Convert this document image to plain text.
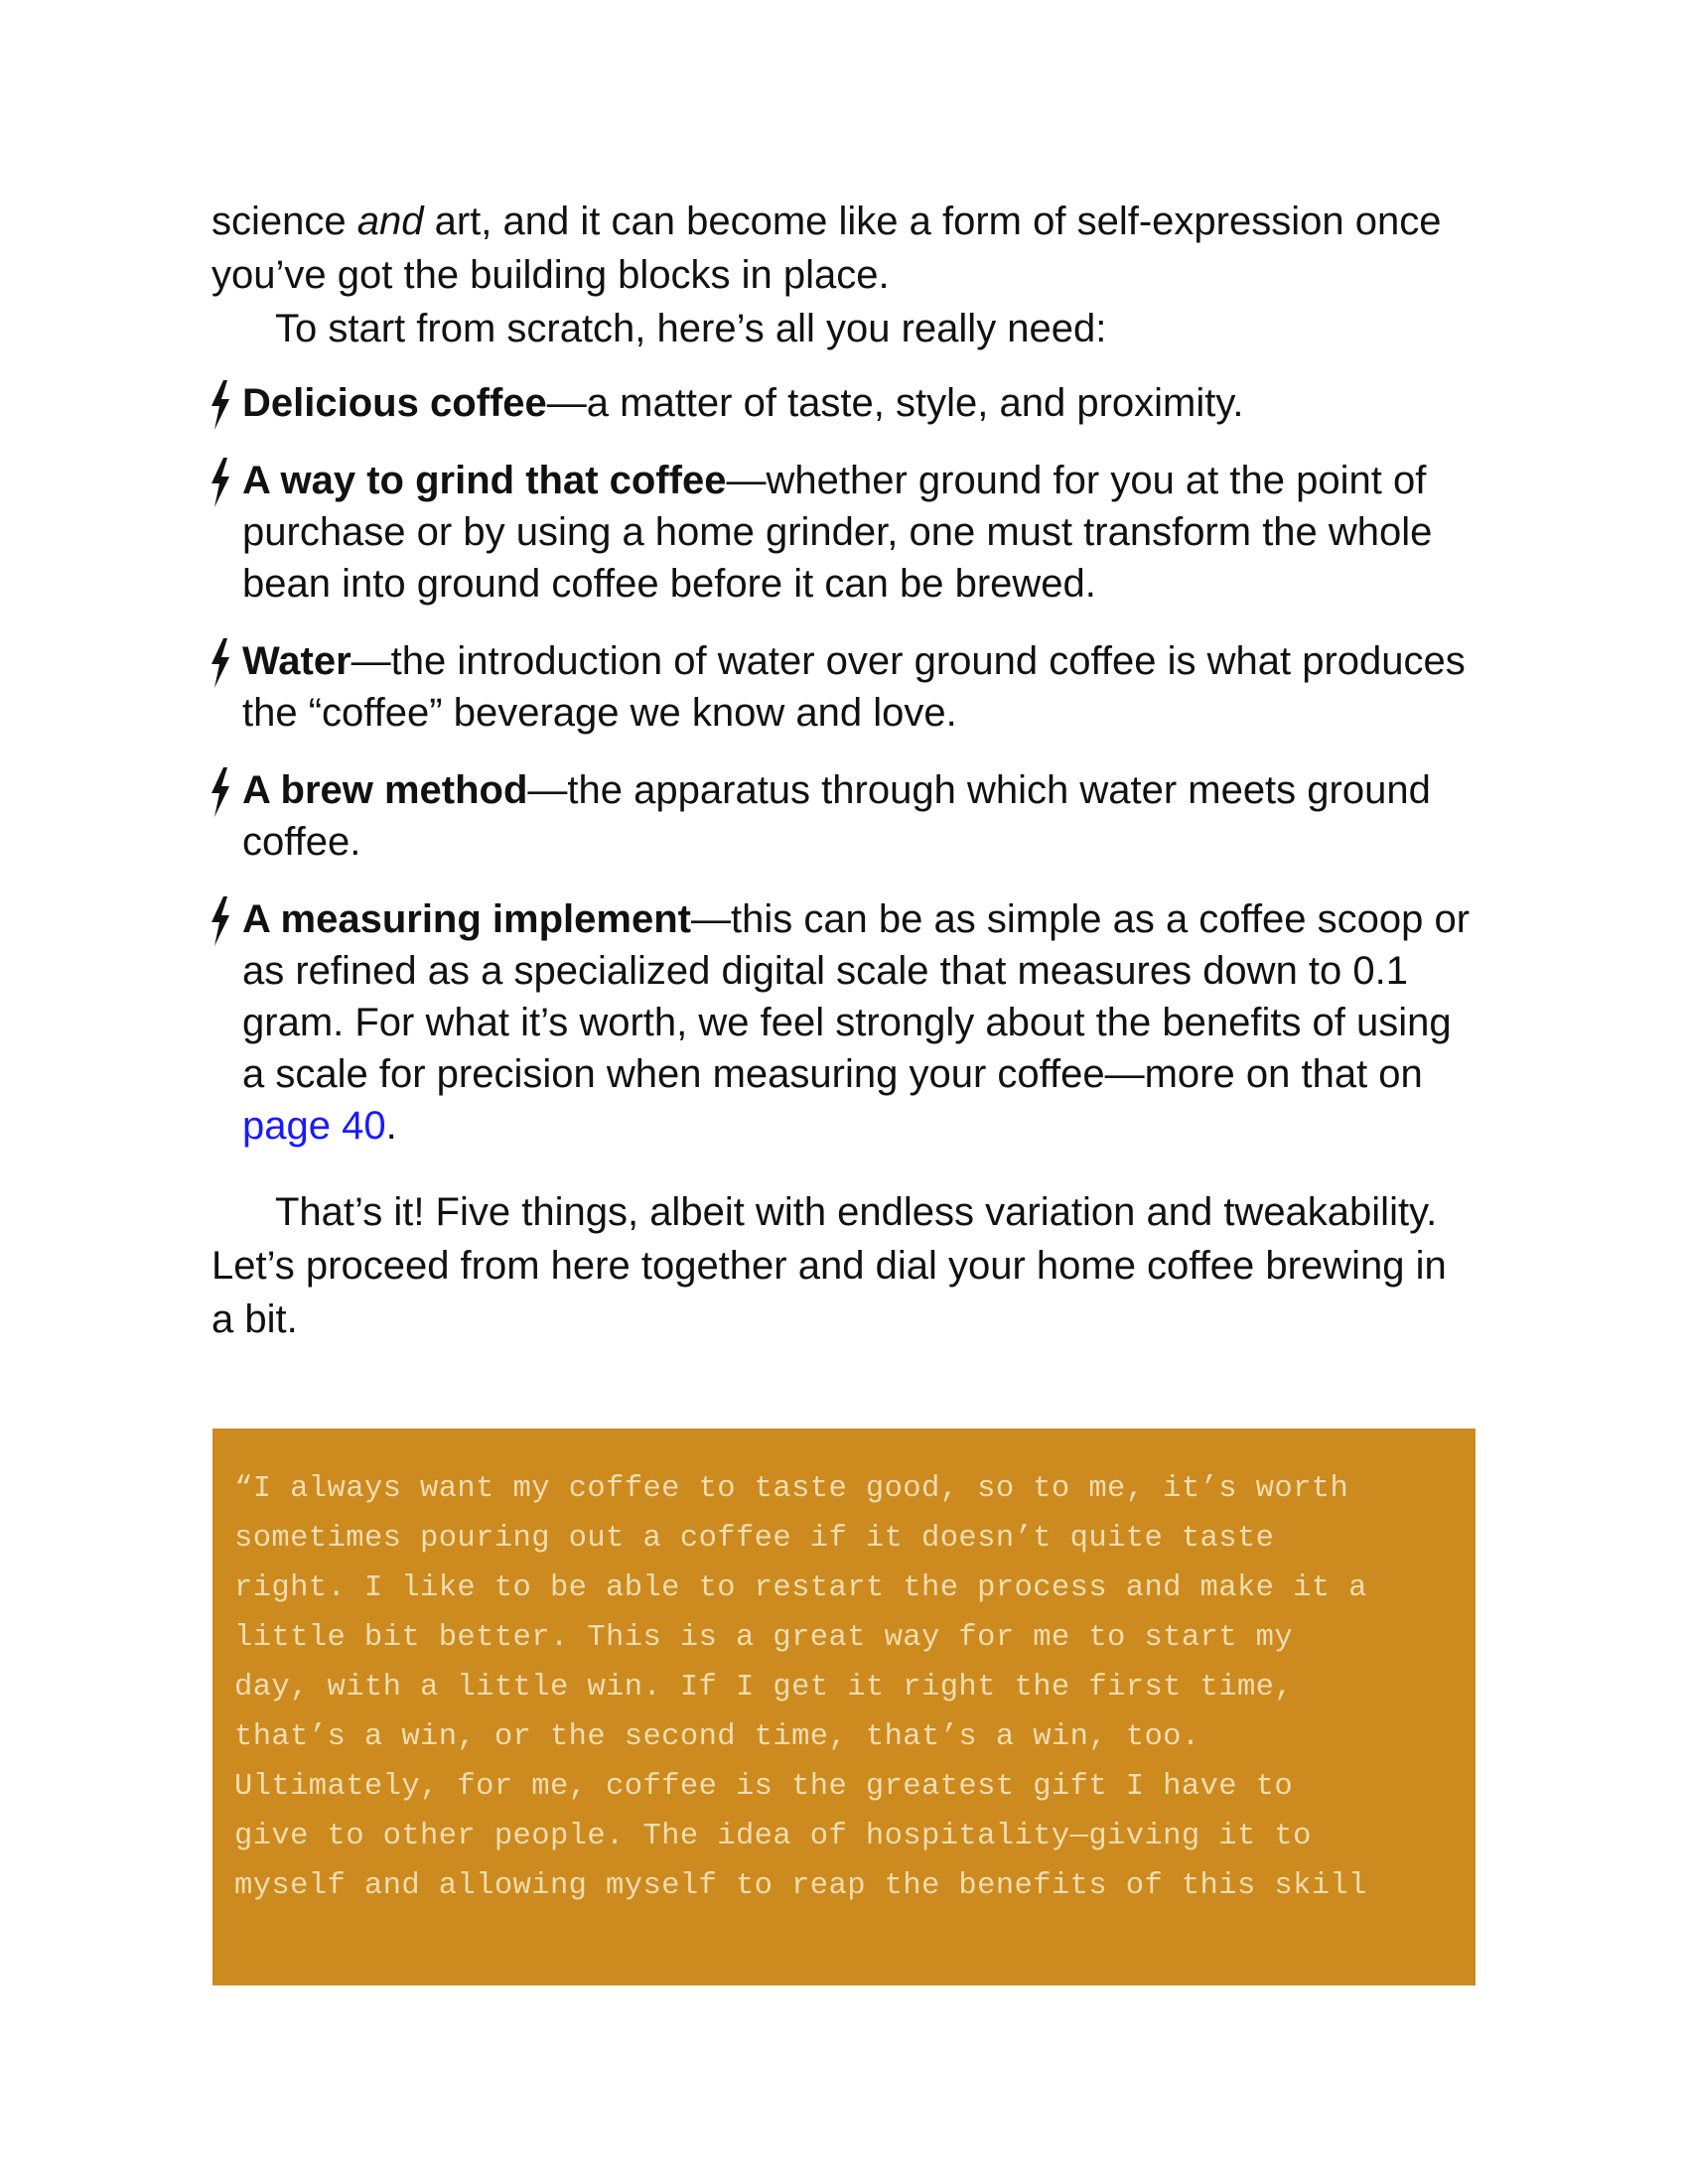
science and art, and it can become like a form of self-expression once you’ve got the building blocks in place.

To start from scratch, here’s all you really need:

Delicious coffee—a matter of taste, style, and proximity.
A way to grind that coffee—whether ground for you at the point of purchase or by using a home grinder, one must transform the whole bean into ground coffee before it can be brewed.
Water—the introduction of water over ground coffee is what produces the “coffee” beverage we know and love.
A brew method—the apparatus through which water meets ground coffee.
A measuring implement—this can be as simple as a coffee scoop or as refined as a specialized digital scale that measures down to 0.1 gram. For what it’s worth, we feel strongly about the benefits of using a scale for precision when measuring your coffee—more on that on page 40.

That’s it! Five things, albeit with endless variation and tweakability. Let’s proceed from here together and dial your home coffee brewing in a bit.

“I always want my coffee to taste good, so to me, it’s worth
sometimes pouring out a coffee if it doesn’t quite taste
right. I like to be able to restart the process and make it a
little bit better. This is a great way for me to start my
day, with a little win. If I get it right the first time,
that’s a win, or the second time, that’s a win, too.
Ultimately, for me, coffee is the greatest gift I have to
give to other people. The idea of hospitality—giving it to
myself and allowing myself to reap the benefits of this skill
